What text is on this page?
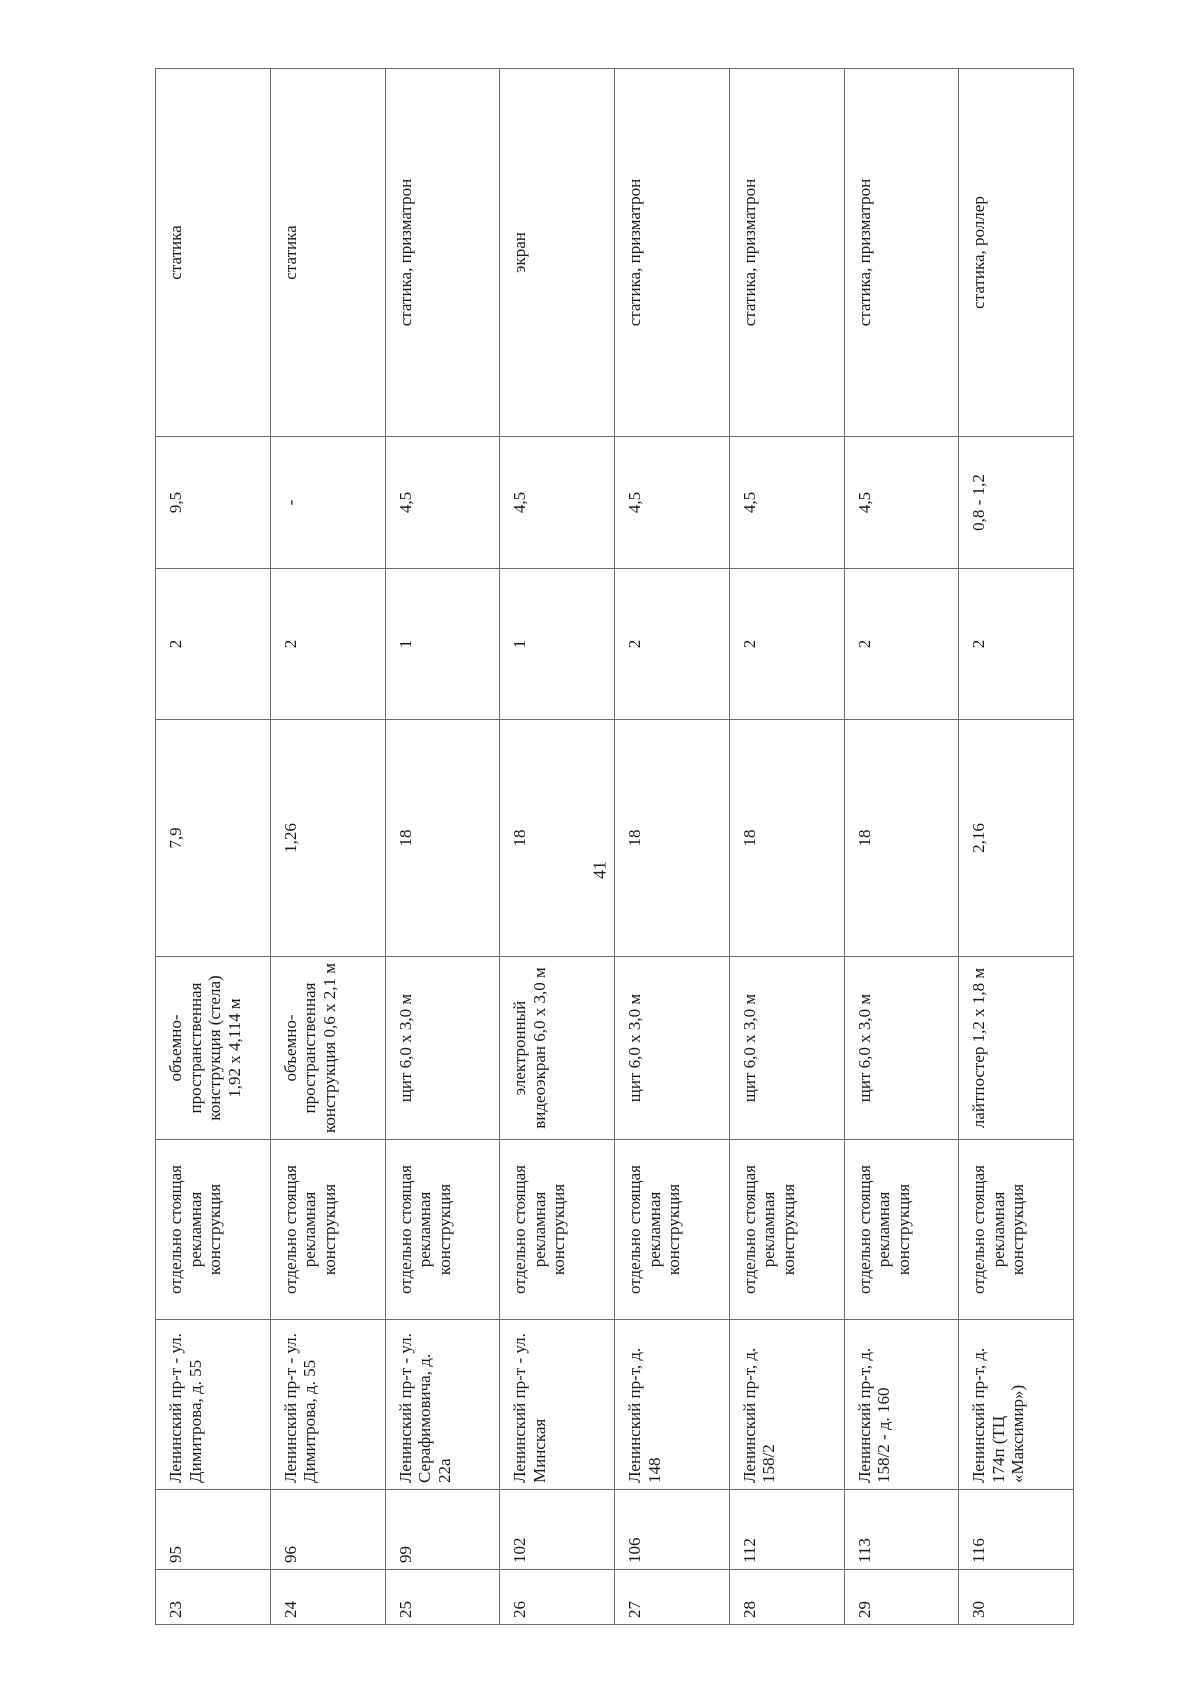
41
23	95	Ленинский пр-т - ул. Димитрова, д. 55	отдельно стоящая рекламная конструкция	объемно-пространственная конструкция (стела) 1,92 х 4,114 м	7,9	2	9,5	статика
24	96	Ленинский пр-т - ул. Димитрова, д. 55	отдельно стоящая рекламная конструкция	объемно-пространственная конструкция 0,6 х 2,1 м	1,26	2	-	статика
25	99	Ленинский пр-т - ул. Серафимовича, д. 22а	отдельно стоящая рекламная конструкция	щит 6,0 х 3,0 м	18	1	4,5	статика, призматрон
26	102	Ленинский пр-т - ул. Минская	отдельно стоящая рекламная конструкция	электронный видеоэкран 6,0 х 3,0 м	18	1	4,5	экран
27	106	Ленинский пр-т, д. 148	отдельно стоящая рекламная конструкция	щит 6,0 х 3,0 м	18	2	4,5	статика, призматрон
28	112	Ленинский пр-т, д. 158/2	отдельно стоящая рекламная конструкция	щит 6,0 х 3,0 м	18	2	4,5	статика, призматрон
29	113	Ленинский пр-т, д. 158/2 - д. 160	отдельно стоящая рекламная конструкция	щит 6,0 х 3,0 м	18	2	4,5	статика, призматрон
30	116	Ленинский пр-т, д. 174п (ТЦ «Максимир»)	отдельно стоящая рекламная конструкция	лайтпостер 1,2 х 1,8 м	2,16	2	0,8 - 1,2	статика, роллер
